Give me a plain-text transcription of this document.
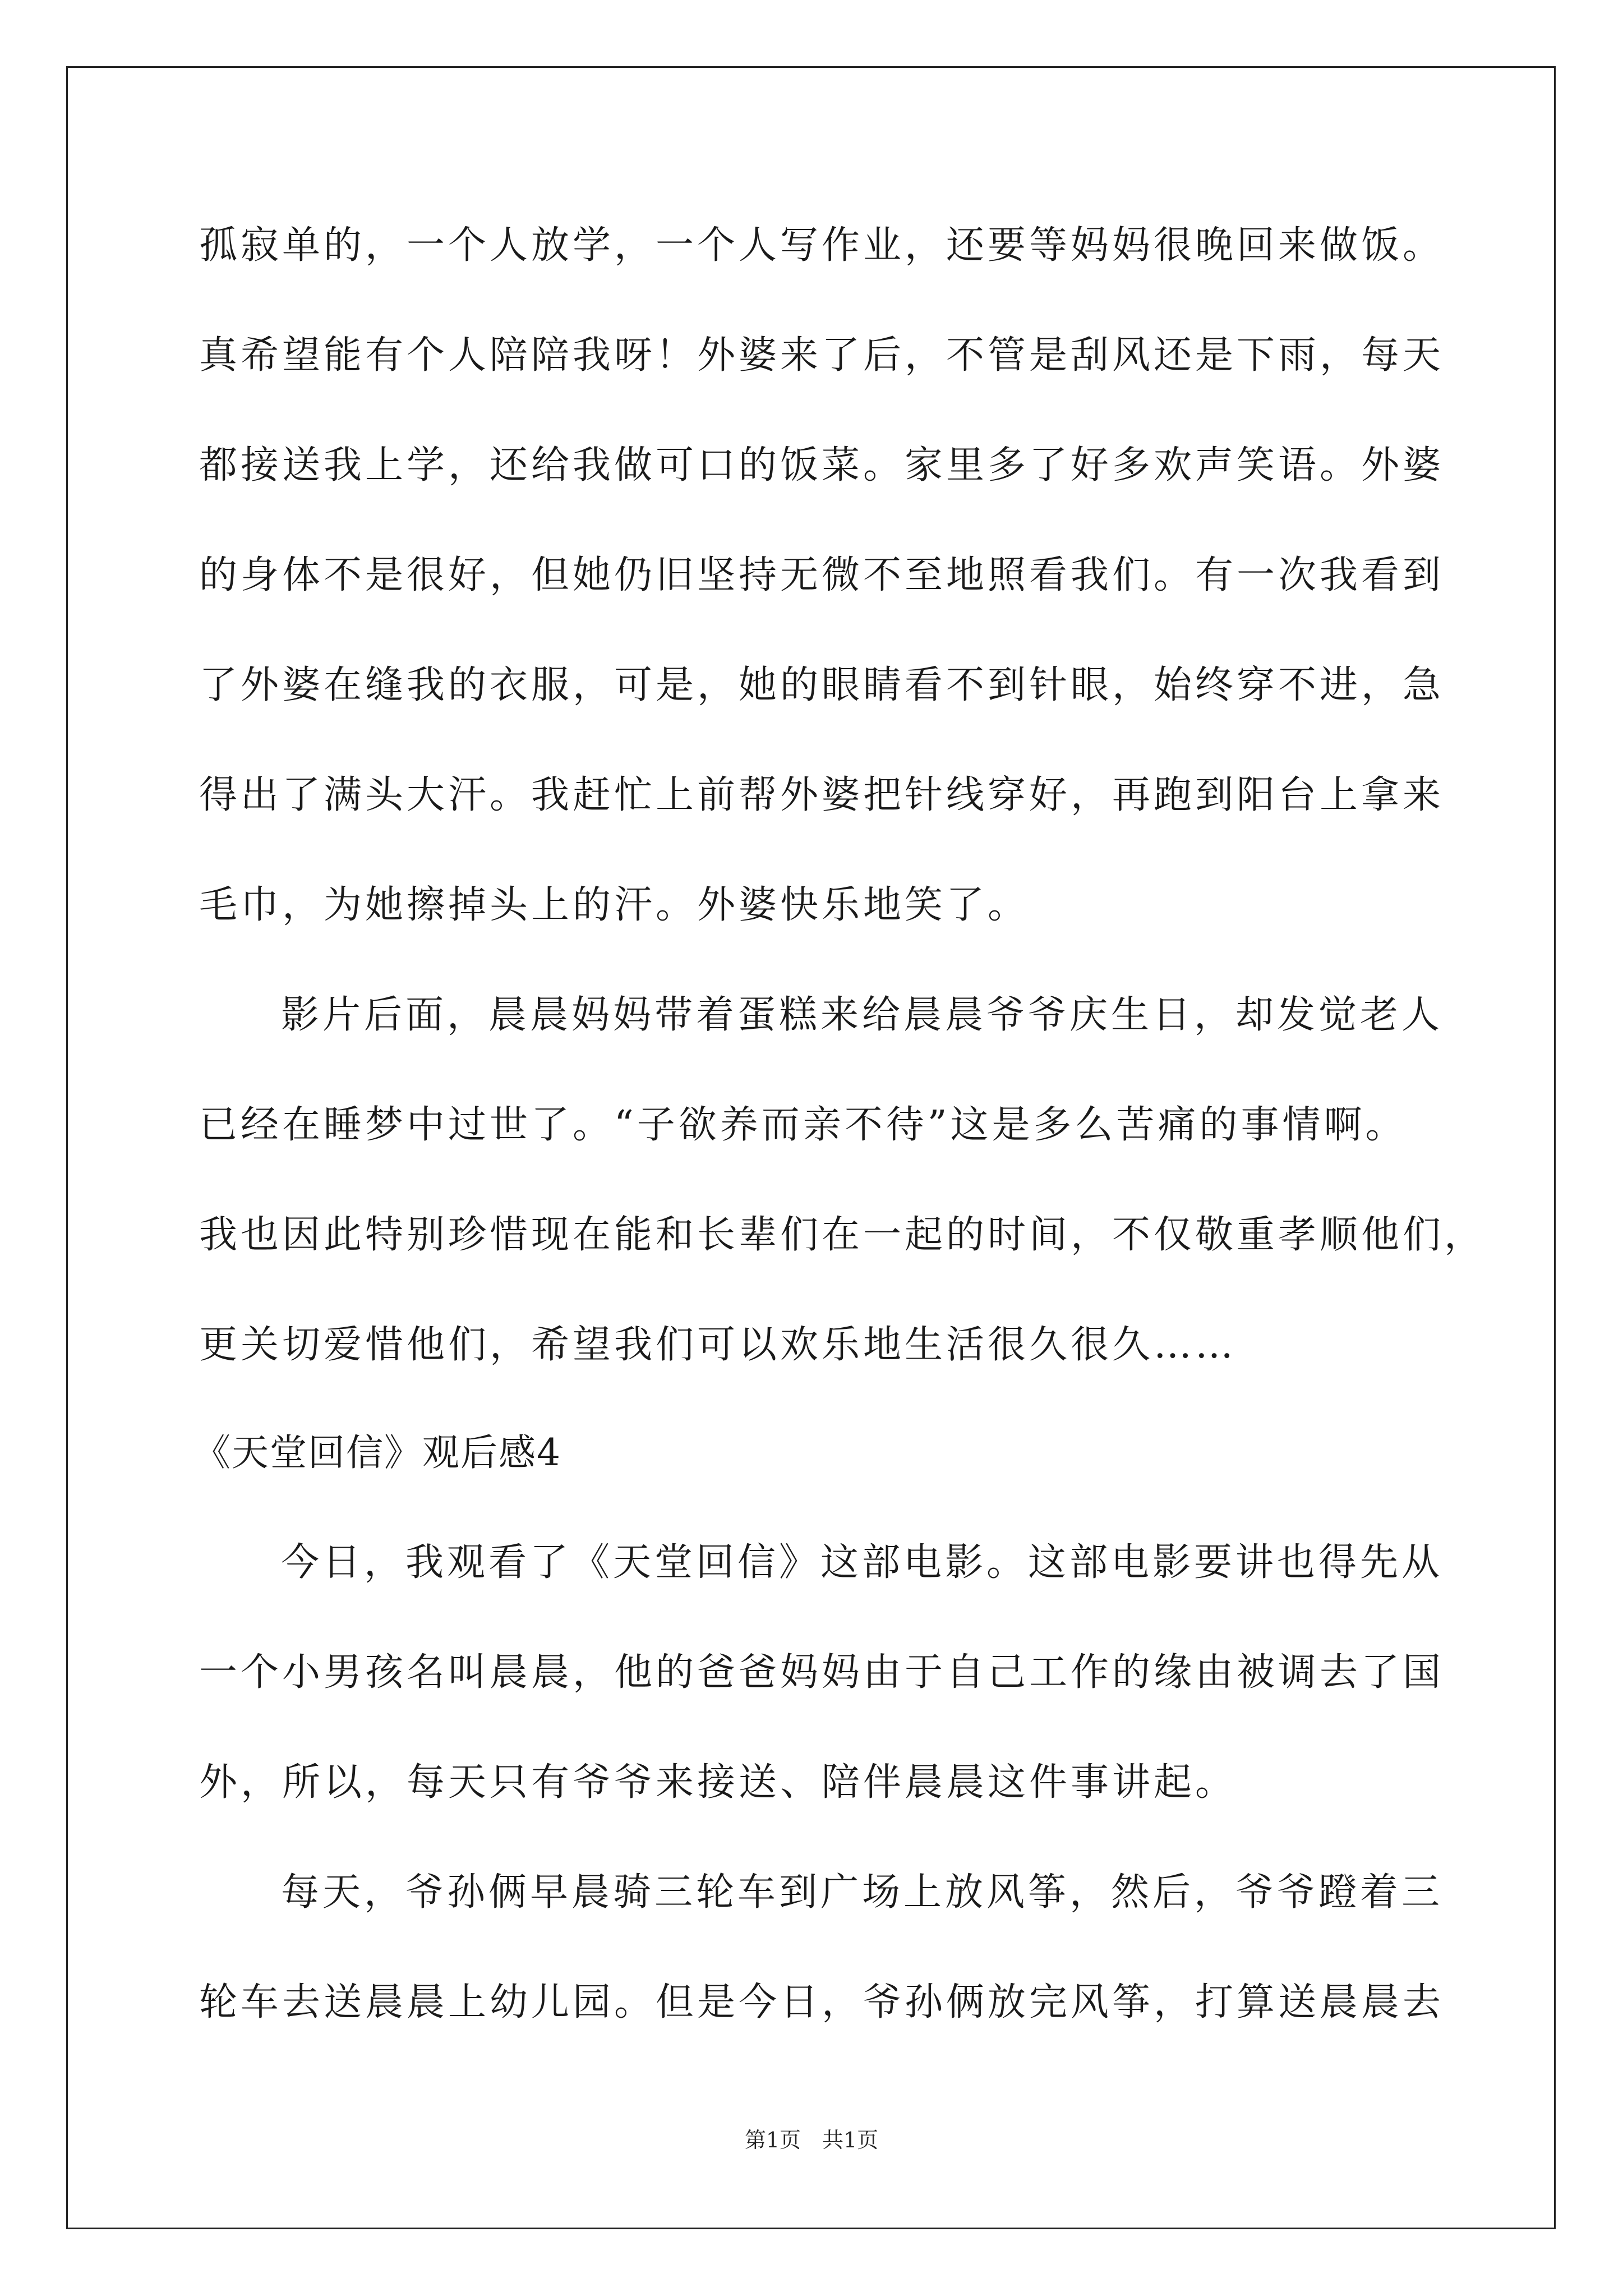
孤寂单的，一个人放学，一个人写作业，还要等妈妈很晚回来做饭。
真希望能有个人陪陪我呀！外婆来了后，不管是刮风还是下雨，每天
都接送我上学，还给我做可口的饭菜。家里多了好多欢声笑语。外婆
的身体不是很好，但她仍旧坚持无微不至地照看我们。有一次我看到
了外婆在缝我的衣服，可是，她的眼睛看不到针眼，始终穿不进，急
得出了满头大汗。我赶忙上前帮外婆把针线穿好，再跑到阳台上拿来
毛巾，为她擦掉头上的汗。外婆快乐地笑了。
影片后面，晨晨妈妈带着蛋糕来给晨晨爷爷庆生日，却发觉老人
已经在睡梦中过世了。“子欲养而亲不待”这是多么苦痛的事情啊。
我也因此特别珍惜现在能和长辈们在一起的时间，不仅敬重孝顺他们，
更关切爱惜他们，希望我们可以欢乐地生活很久很久……
《天堂回信》观后感4
今日，我观看了《天堂回信》这部电影。这部电影要讲也得先从
一个小男孩名叫晨晨，他的爸爸妈妈由于自己工作的缘由被调去了国
外，所以，每天只有爷爷来接送、陪伴晨晨这件事讲起。
每天，爷孙俩早晨骑三轮车到广场上放风筝，然后，爷爷蹬着三
轮车去送晨晨上幼儿园。但是今日，爷孙俩放完风筝，打算送晨晨去
第1页　共1页
